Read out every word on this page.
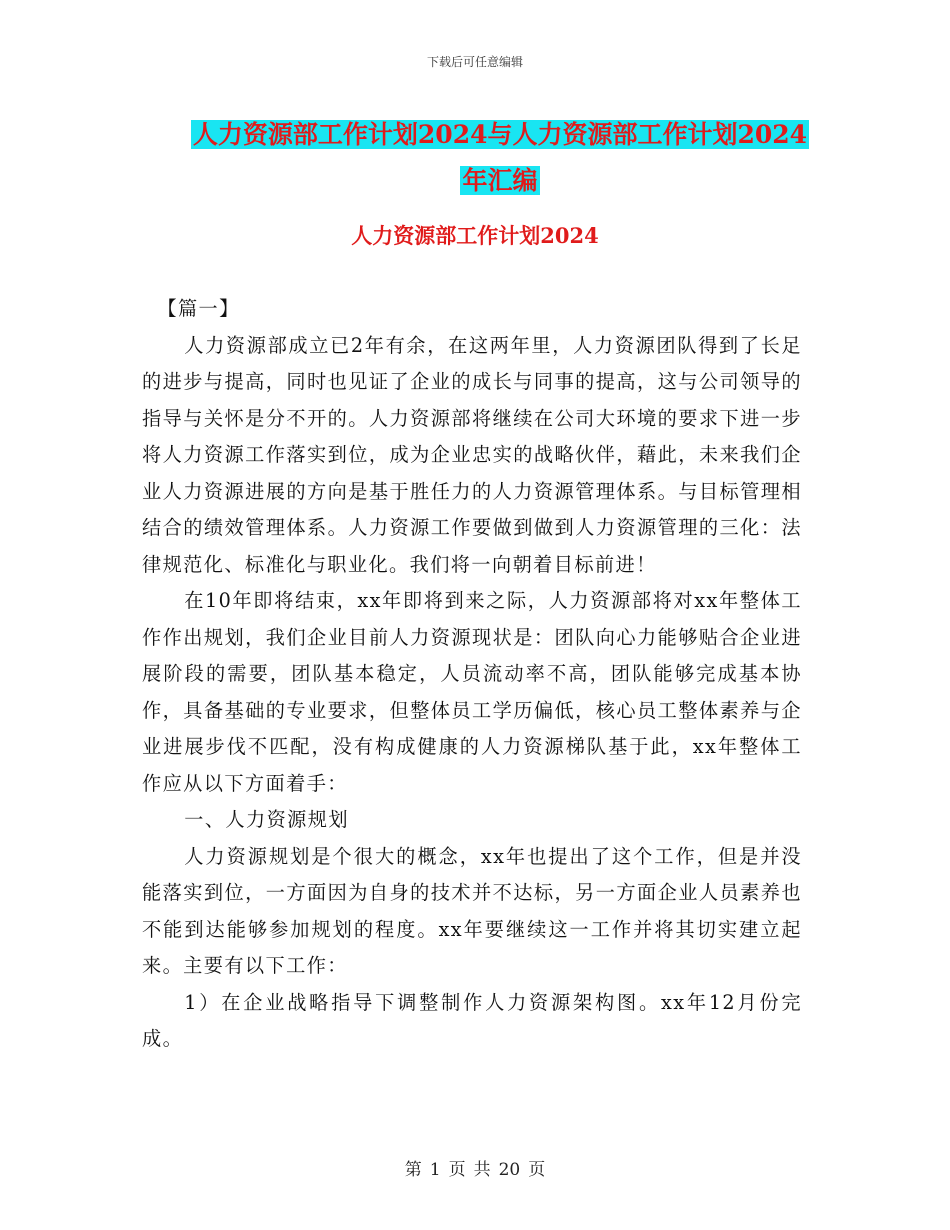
下载后可任意编辑
人力资源部工作计划2024与人力资源部工作计划2024
年汇编
人力资源部工作计划2024

【篇一】

人力资源部成立已2年有余，在这两年里，人力资源团队得到了长足的进步与提高，同时也见证了企业的成长与同事的提高，这与公司领导的指导与关怀是分不开的。人力资源部将继续在公司大环境的要求下进一步将人力资源工作落实到位，成为企业忠实的战略伙伴，藉此，未来我们企业人力资源进展的方向是基于胜任力的人力资源管理体系。与目标管理相结合的绩效管理体系。人力资源工作要做到做到人力资源管理的三化：法律规范化、标准化与职业化。我们将一向朝着目标前进！

在10年即将结束，xx年即将到来之际，人力资源部将对xx年整体工作作出规划，我们企业目前人力资源现状是：团队向心力能够贴合企业进展阶段的需要，团队基本稳定，人员流动率不高，团队能够完成基本协作，具备基础的专业要求，但整体员工学历偏低，核心员工整体素养与企业进展步伐不匹配，没有构成健康的人力资源梯队基于此，xx年整体工作应从以下方面着手：

一、人力资源规划

人力资源规划是个很大的概念，xx年也提出了这个工作，但是并没能落实到位，一方面因为自身的技术并不达标，另一方面企业人员素养也不能到达能够参加规划的程度。xx年要继续这一工作并将其切实建立起来。主要有以下工作：

1）在企业战略指导下调整制作人力资源架构图。xx年12月份完成。

第 1 页 共 20 页
